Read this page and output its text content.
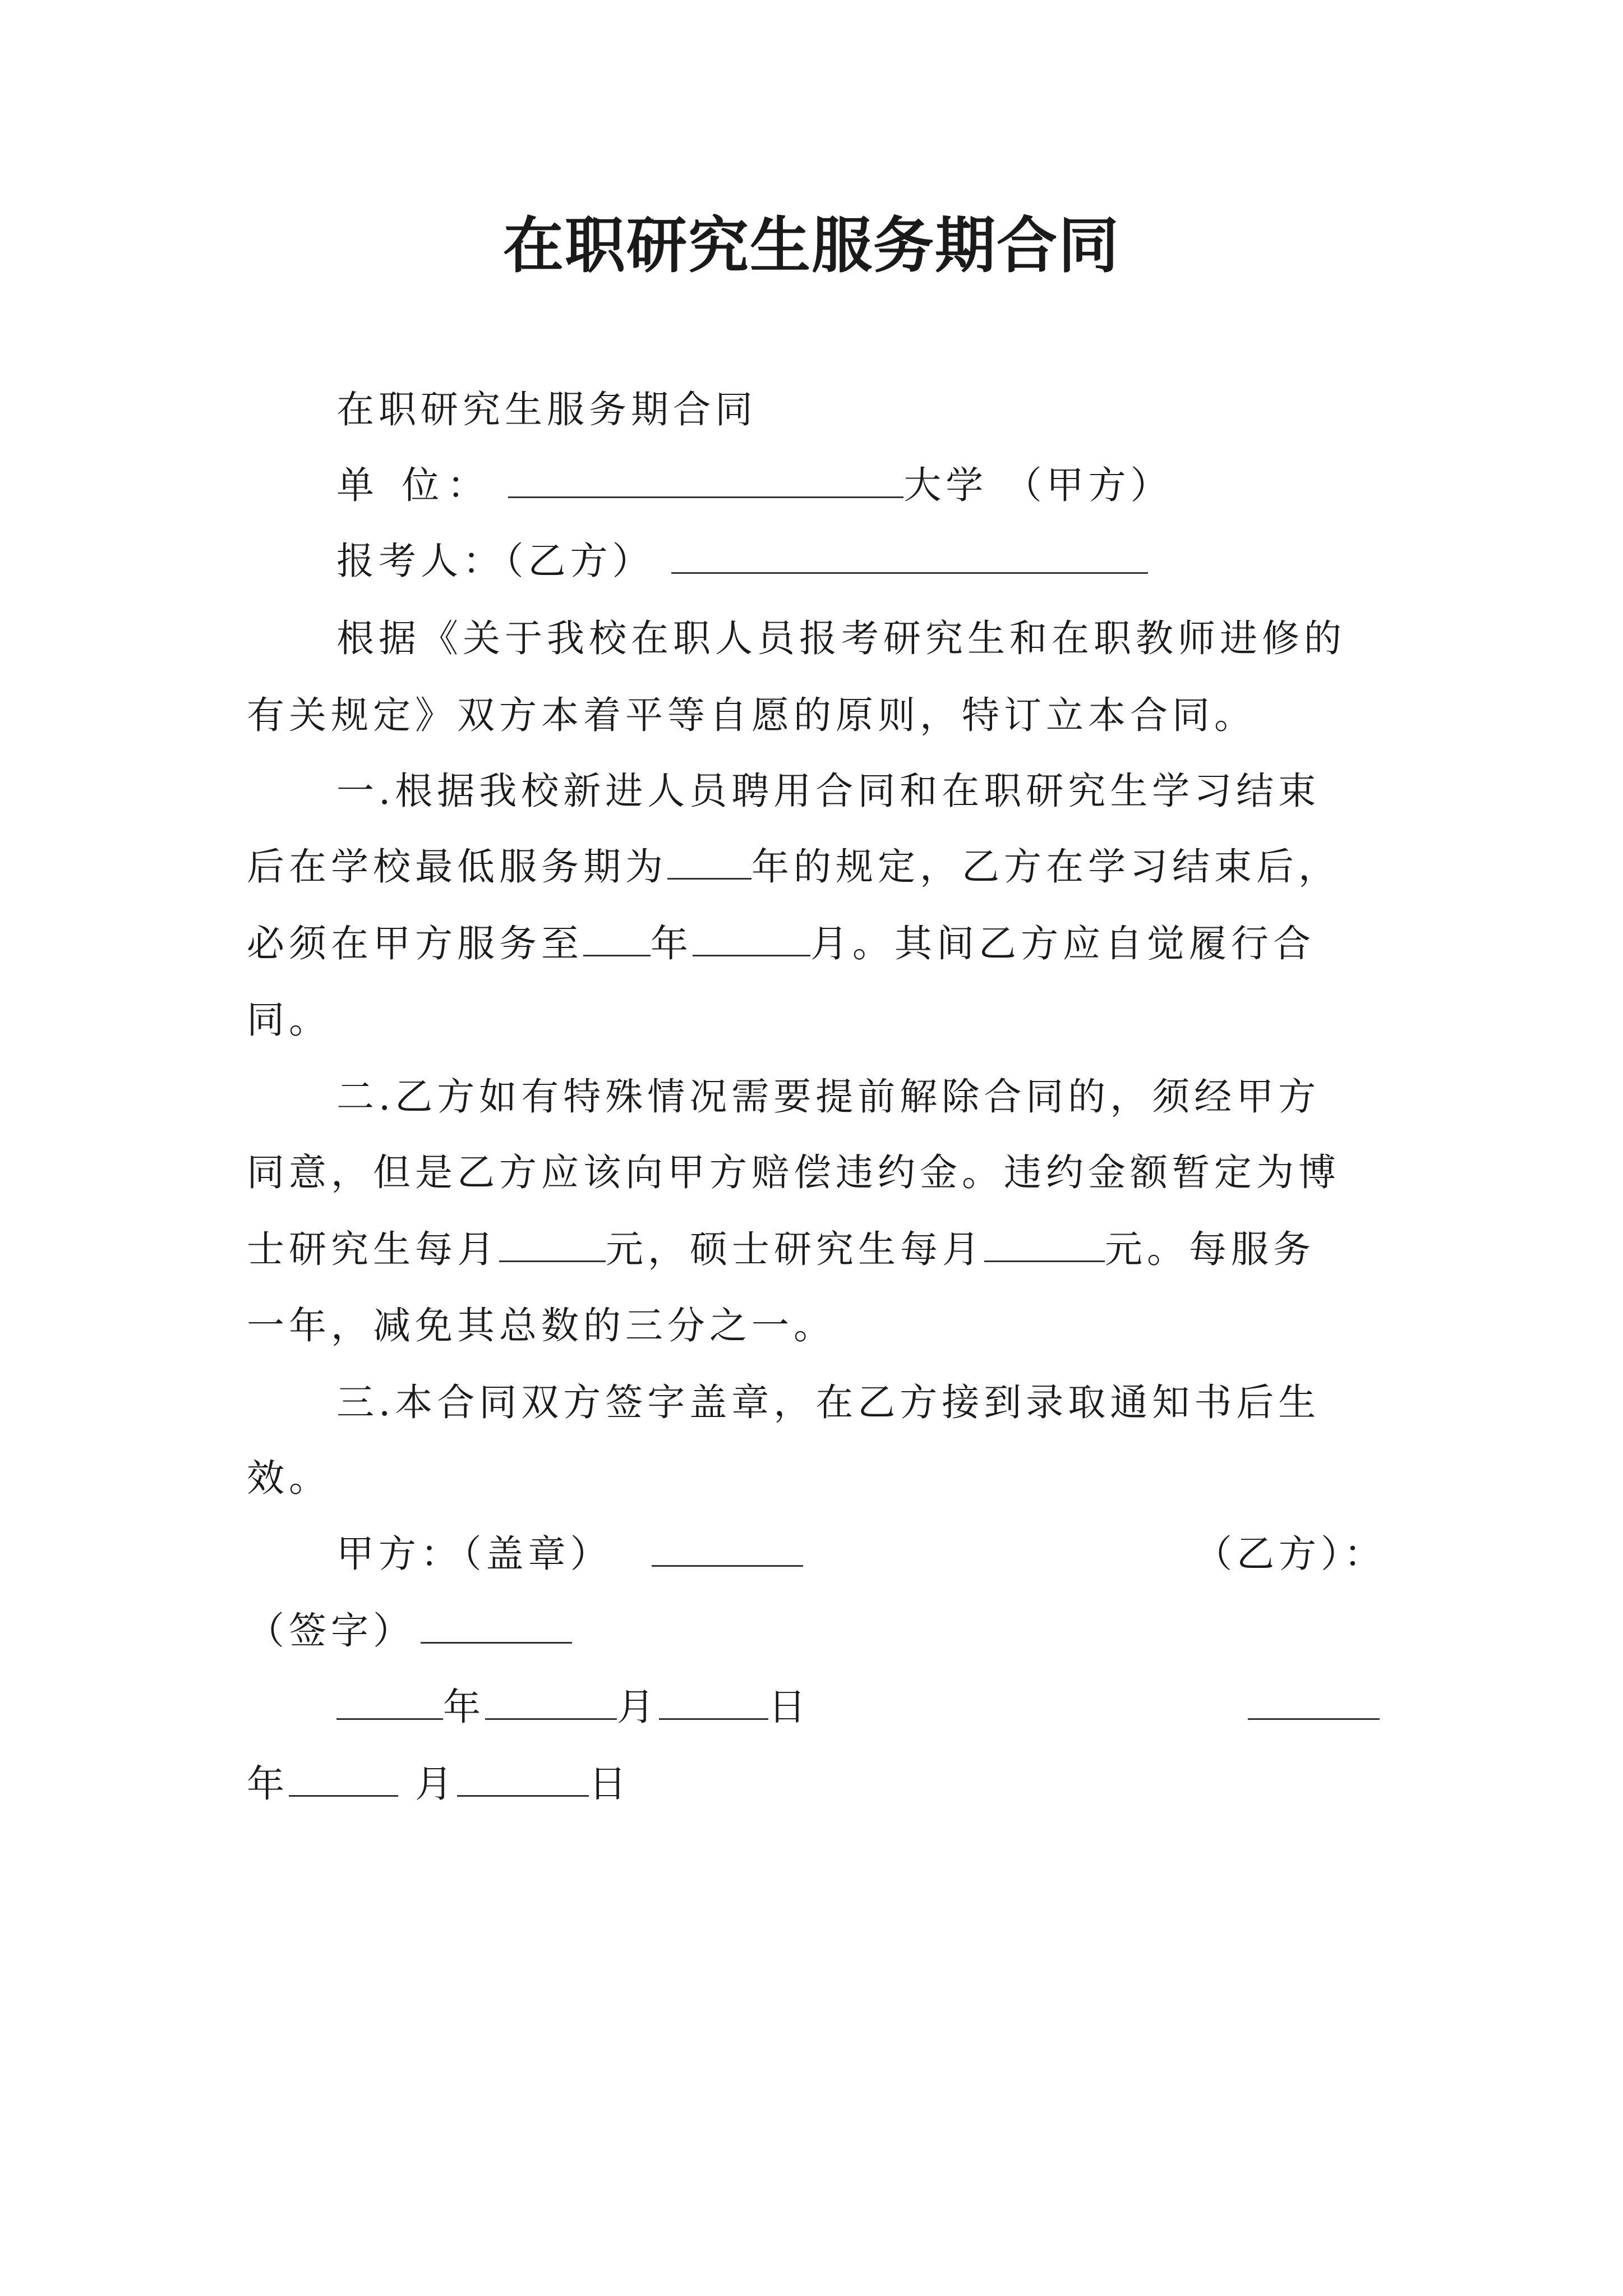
在职研究生服务期合同
在职研究生服务期合同
单 位：	大学 （甲方）
报考人：（乙方）
根据《关于我校在职人员报考研究生和在职教师进修的
有关规定》双方本着平等自愿的原则，特订立本合同。
一.根据我校新进人员聘用合同和在职研究生学习结束
后在学校最低服务期为 年的规定，乙方在学习结束后，
必须在甲方服务至 年	月。其间乙方应自觉履行合
同。
二.乙方如有特殊情况需要提前解除合同的，须经甲方
同意，但是乙方应该向甲方赔偿违约金。违约金额暂定为博
士研究生每月	元，硕士研究生每月	元。每服务
一年，减免其总数的三分之一。
三.本合同双方签字盖章，在乙方接到录取通知书后生
效。
甲方：（盖章）	（乙方）：
（签字）
年	月	日
年	月	日
